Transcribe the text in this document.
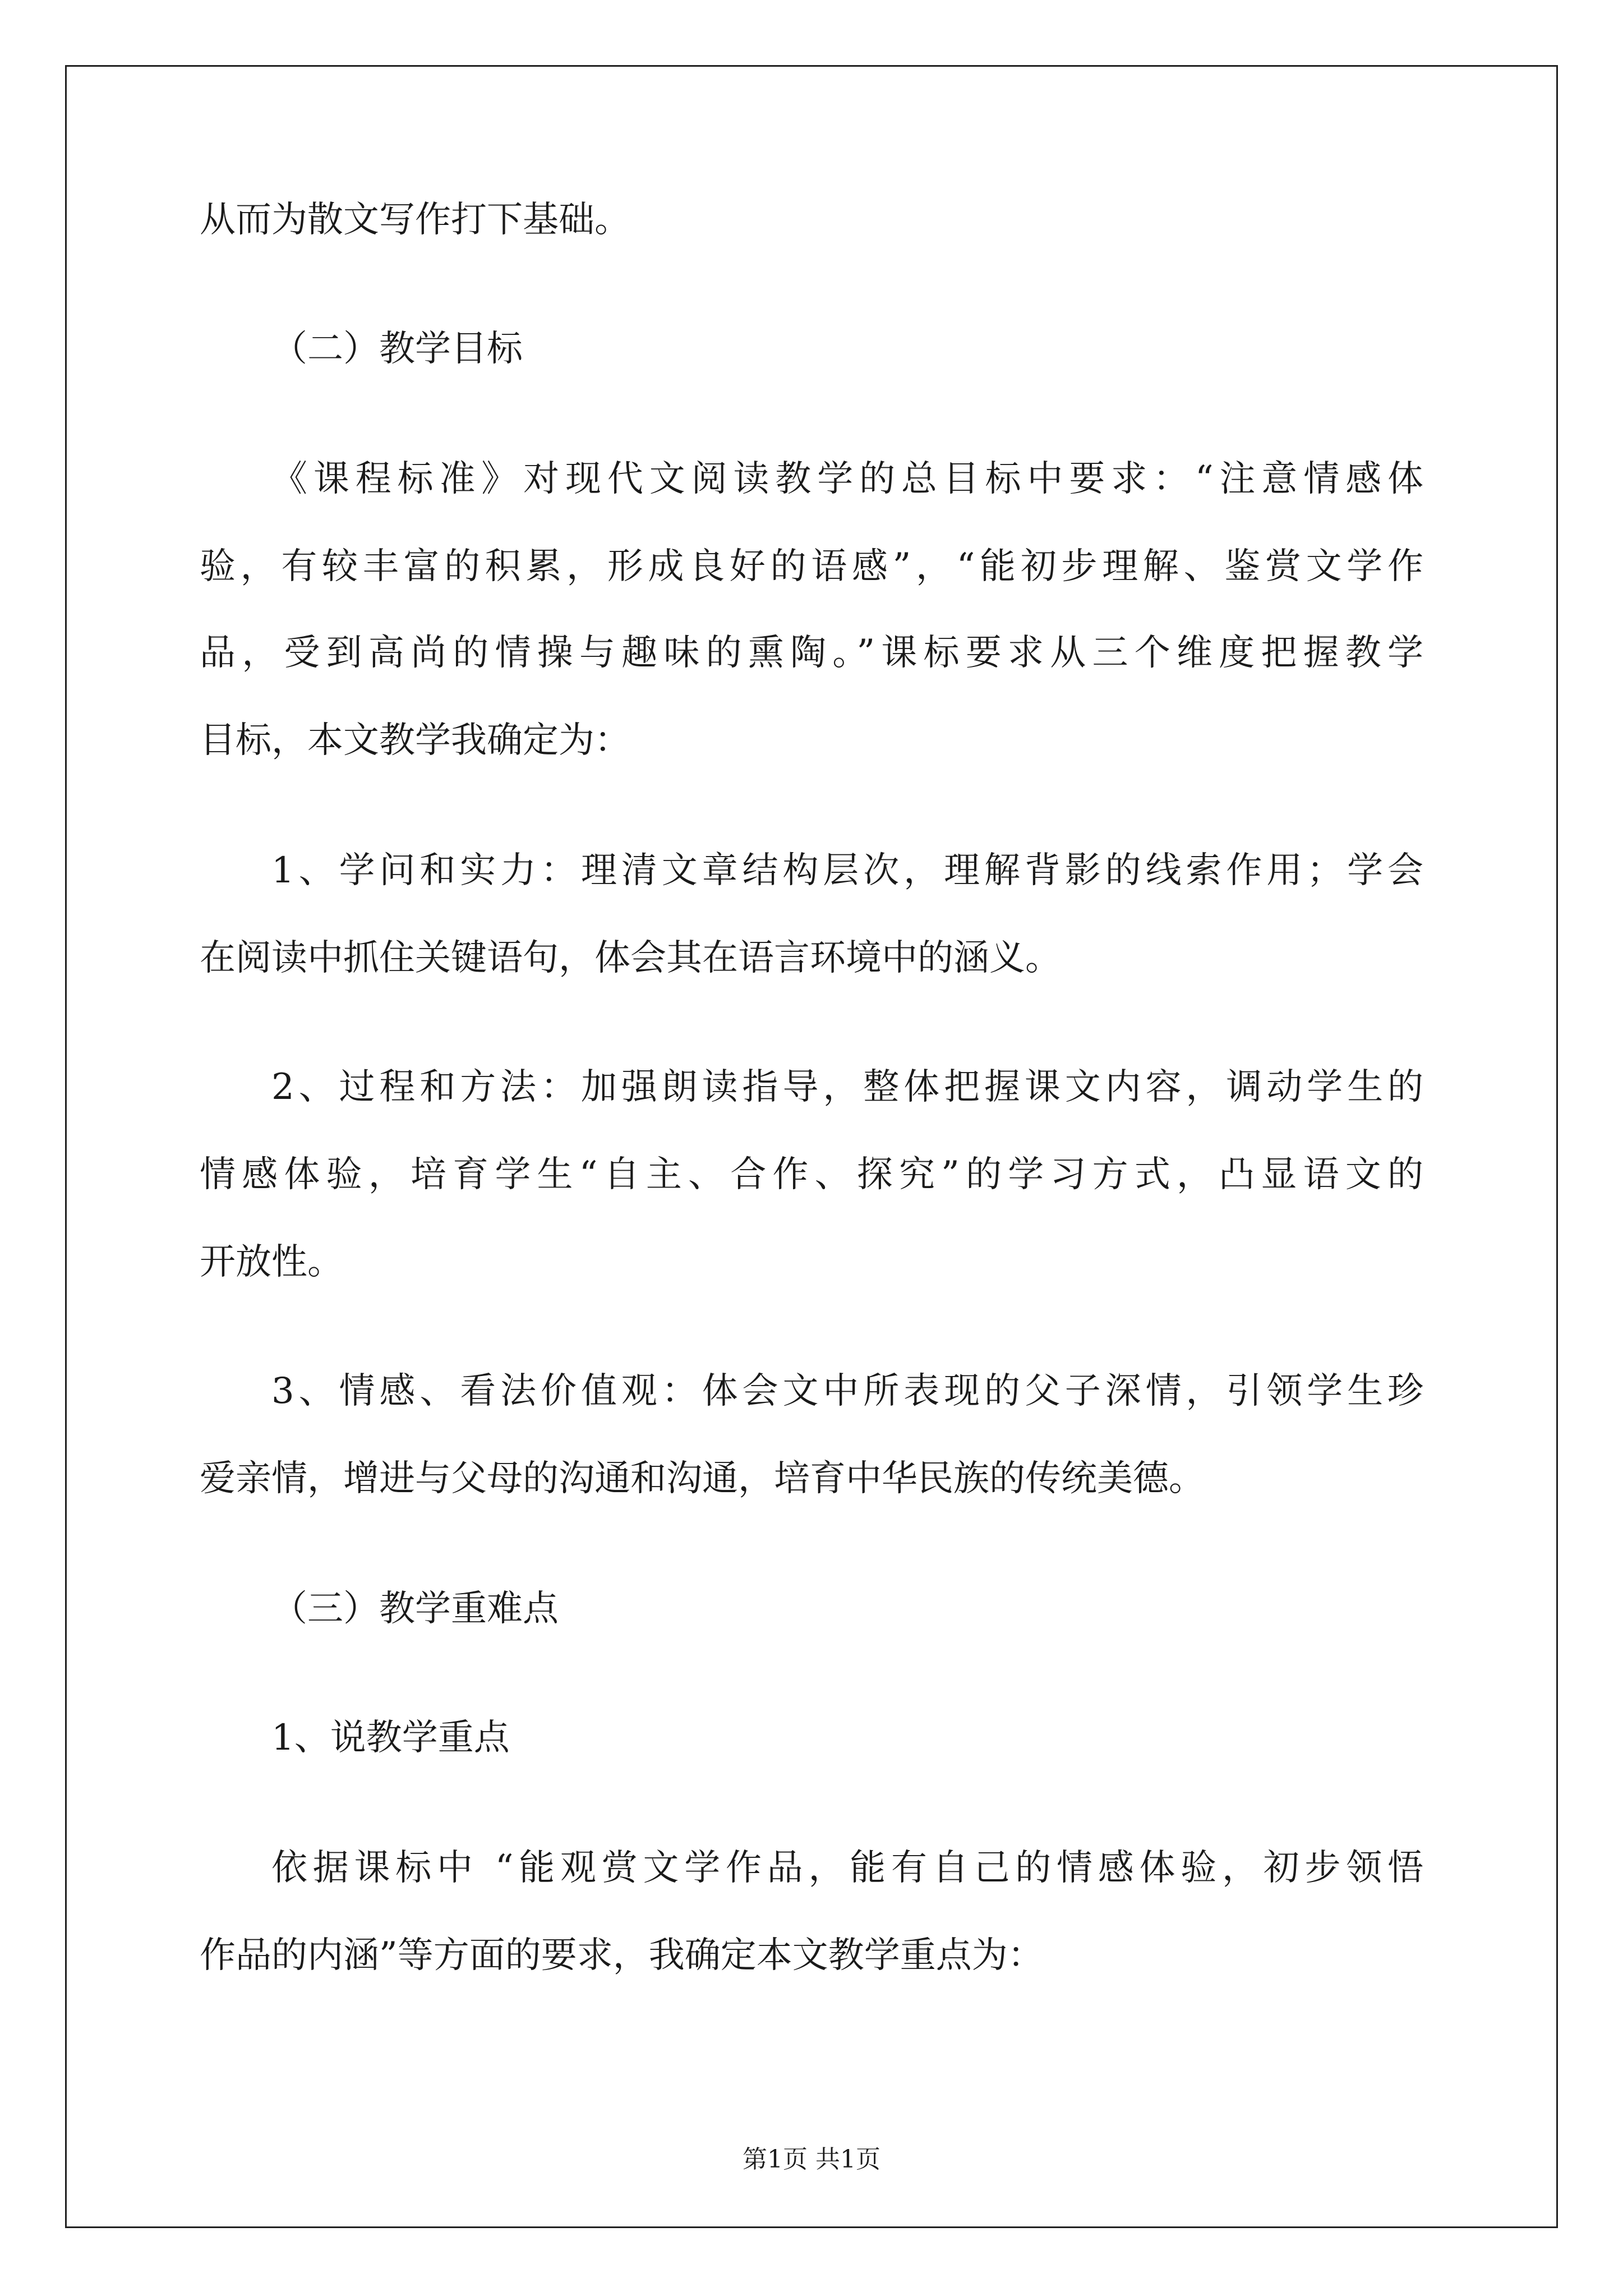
从而为散文写作打下基础。
（二）教学目标
《课程标准》对现代文阅读教学的总目标中要求：“注意情感体
验，有较丰富的积累，形成良好的语感”，“能初步理解、鉴赏文学作
品，受到高尚的情操与趣味的熏陶。”课标要求从三个维度把握教学
目标，本文教学我确定为：
1、学问和实力：理清文章结构层次，理解背影的线索作用；学会
在阅读中抓住关键语句，体会其在语言环境中的涵义。
2、过程和方法：加强朗读指导，整体把握课文内容，调动学生的
情感体验，培育学生“自主、合作、探究”的学习方式，凸显语文的
开放性。
3、情感、看法价值观：体会文中所表现的父子深情，引领学生珍
爱亲情，增进与父母的沟通和沟通，培育中华民族的传统美德。
（三）教学重难点
1、说教学重点
依据课标中 “能观赏文学作品，能有自己的情感体验，初步领悟
作品的内涵”等方面的要求，我确定本文教学重点为：
第1页 共1页
